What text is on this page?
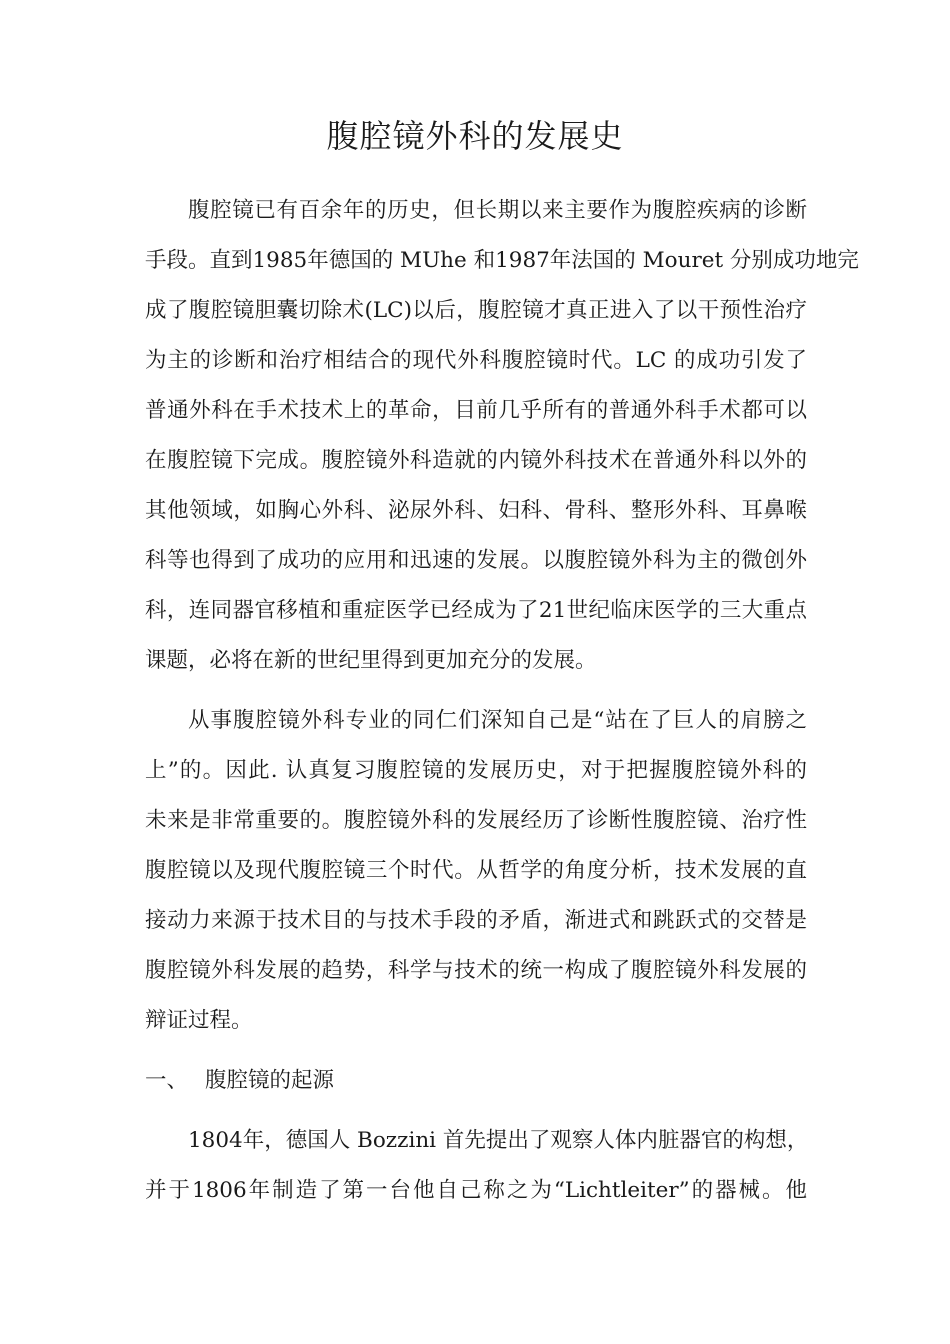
腹腔镜外科的发展史
腹腔镜已有百余年的历史，但长期以来主要作为腹腔疾病的诊断
手段。直到1985年德国的 MUhe 和1987年法国的 Mouret 分别成功地完
成了腹腔镜胆囊切除术(LC)以后，腹腔镜才真正进入了以干预性治疗
为主的诊断和治疗相结合的现代外科腹腔镜时代。LC 的成功引发了
普通外科在手术技术上的革命，目前几乎所有的普通外科手术都可以
在腹腔镜下完成。腹腔镜外科造就的内镜外科技术在普通外科以外的
其他领域，如胸心外科、泌尿外科、妇科、骨科、整形外科、耳鼻喉
科等也得到了成功的应用和迅速的发展。以腹腔镜外科为主的微创外
科，连同器官移植和重症医学已经成为了21世纪临床医学的三大重点
课题，必将在新的世纪里得到更加充分的发展。
从事腹腔镜外科专业的同仁们深知自己是“站在了巨人的肩膀之
上”的。因此. 认真复习腹腔镜的发展历史，对于把握腹腔镜外科的
未来是非常重要的。腹腔镜外科的发展经历了诊断性腹腔镜、治疗性
腹腔镜以及现代腹腔镜三个时代。从哲学的角度分析，技术发展的直
接动力来源于技术目的与技术手段的矛盾，渐进式和跳跃式的交替是
腹腔镜外科发展的趋势，科学与技术的统一构成了腹腔镜外科发展的
辩证过程。
一、 腹腔镜的起源
1804年，德国人 Bozzini 首先提出了观察人体内脏器官的构想，
并于1806年制造了第一台他自己称之为“Lichtleiter”的器械。他
